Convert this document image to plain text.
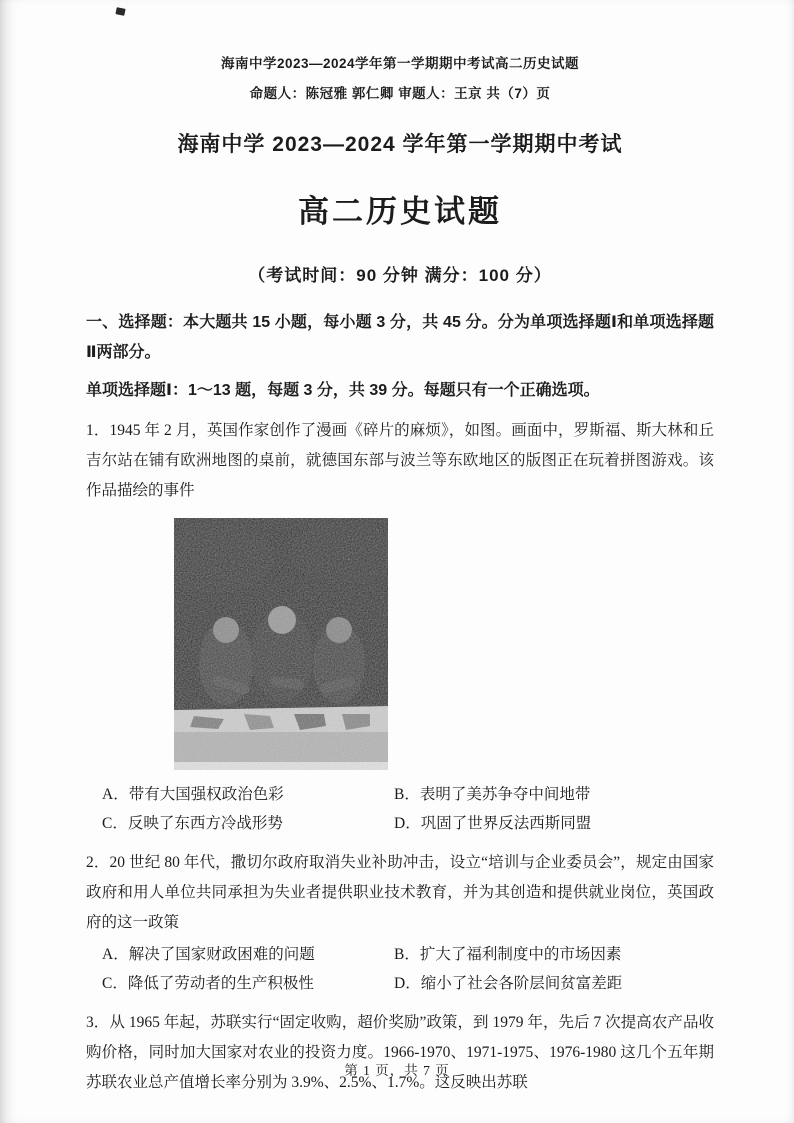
海南中学2023—2024学年第一学期期中考试高二历史试题
命题人：陈冠雅 郭仁卿 审题人：王京 共（7）页
海南中学 2023—2024 学年第一学期期中考试
高二历史试题
（考试时间：90 分钟 满分：100 分）
一、选择题：本大题共 15 小题，每小题 3 分，共 45 分。分为单项选择题Ⅰ和单项选择题Ⅱ两部分。
单项选择题Ⅰ：1～13 题，每题 3 分，共 39 分。每题只有一个正确选项。
1．1945 年 2 月，英国作家创作了漫画《碎片的麻烦》，如图。画面中，罗斯福、斯大林和丘吉尔站在铺有欧洲地图的桌前，就德国东部与波兰等东欧地区的版图正在玩着拼图游戏。该作品描绘的事件
A．带有大国强权政治色彩	B．表明了美苏争夺中间地带
C．反映了东西方冷战形势	D．巩固了世界反法西斯同盟
2．20 世纪 80 年代，撒切尔政府取消失业补助冲击，设立“培训与企业委员会”，规定由国家政府和用人单位共同承担为失业者提供职业技术教育，并为其创造和提供就业岗位，英国政府的这一政策
A．解决了国家财政困难的问题	B．扩大了福利制度中的市场因素
C．降低了劳动者的生产积极性	D．缩小了社会各阶层间贫富差距
3．从 1965 年起，苏联实行“固定收购，超价奖励”政策，到 1979 年，先后 7 次提高农产品收购价格，同时加大国家对农业的投资力度。1966-1970、1971-1975、1976-1980 这几个五年期苏联农业总产值增长率分别为 3.9%、2.5%、1.7%。这反映出苏联
第 1 页，共 7 页
